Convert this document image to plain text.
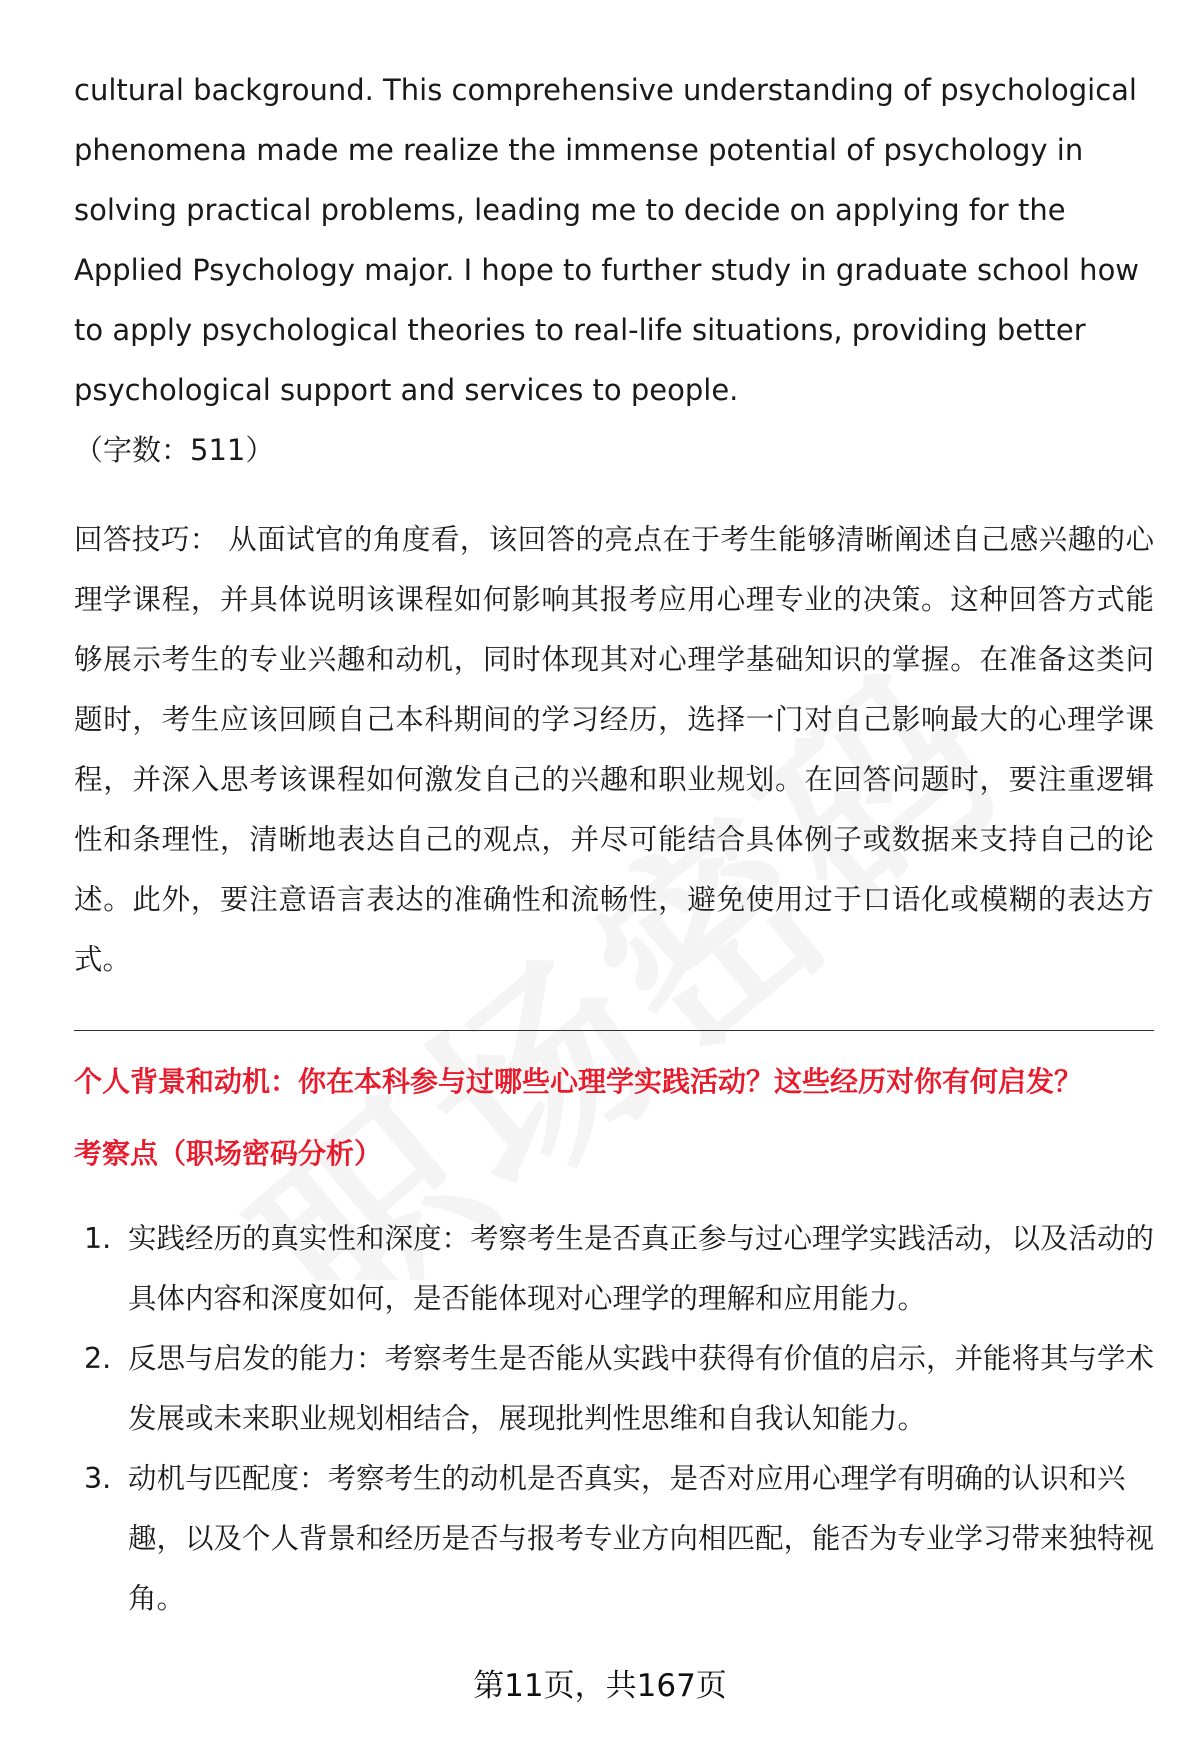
cultural background. This comprehensive understanding of psychological
phenomena made me realize the immense potential of psychology in
solving practical problems, leading me to decide on applying for the
Applied Psychology major. I hope to further study in graduate school how
to apply psychological theories to real-life situations, providing better
psychological support and services to people.

（字数：511）

回答技巧： 从面试官的角度看，该回答的亮点在于考生能够清晰阐述自己感兴趣的心理学课程，并具体说明该课程如何影响其报考应用心理专业的决策。这种回答方式能够展示考生的专业兴趣和动机，同时体现其对心理学基础知识的掌握。在准备这类问题时，考生应该回顾自己本科期间的学习经历，选择一门对自己影响最大的心理学课程，并深入思考该课程如何激发自己的兴趣和职业规划。在回答问题时，要注重逻辑性和条理性，清晰地表达自己的观点，并尽可能结合具体例子或数据来支持自己的论述。此外，要注意语言表达的准确性和流畅性，避免使用过于口语化或模糊的表达方式。

个人背景和动机：你在本科参与过哪些心理学实践活动？这些经历对你有何启发？

考察点（职场密码分析）

1. 实践经历的真实性和深度：考察考生是否真正参与过心理学实践活动，以及活动的具体内容和深度如何，是否能体现对心理学的理解和应用能力。
2. 反思与启发的能力：考察考生是否能从实践中获得有价值的启示，并能将其与学术发展或未来职业规划相结合，展现批判性思维和自我认知能力。
3. 动机与匹配度：考察考生的动机是否真实，是否对应用心理学有明确的认识和兴趣，以及个人背景和经历是否与报考专业方向相匹配，能否为专业学习带来独特视角。
第11页，共167页
